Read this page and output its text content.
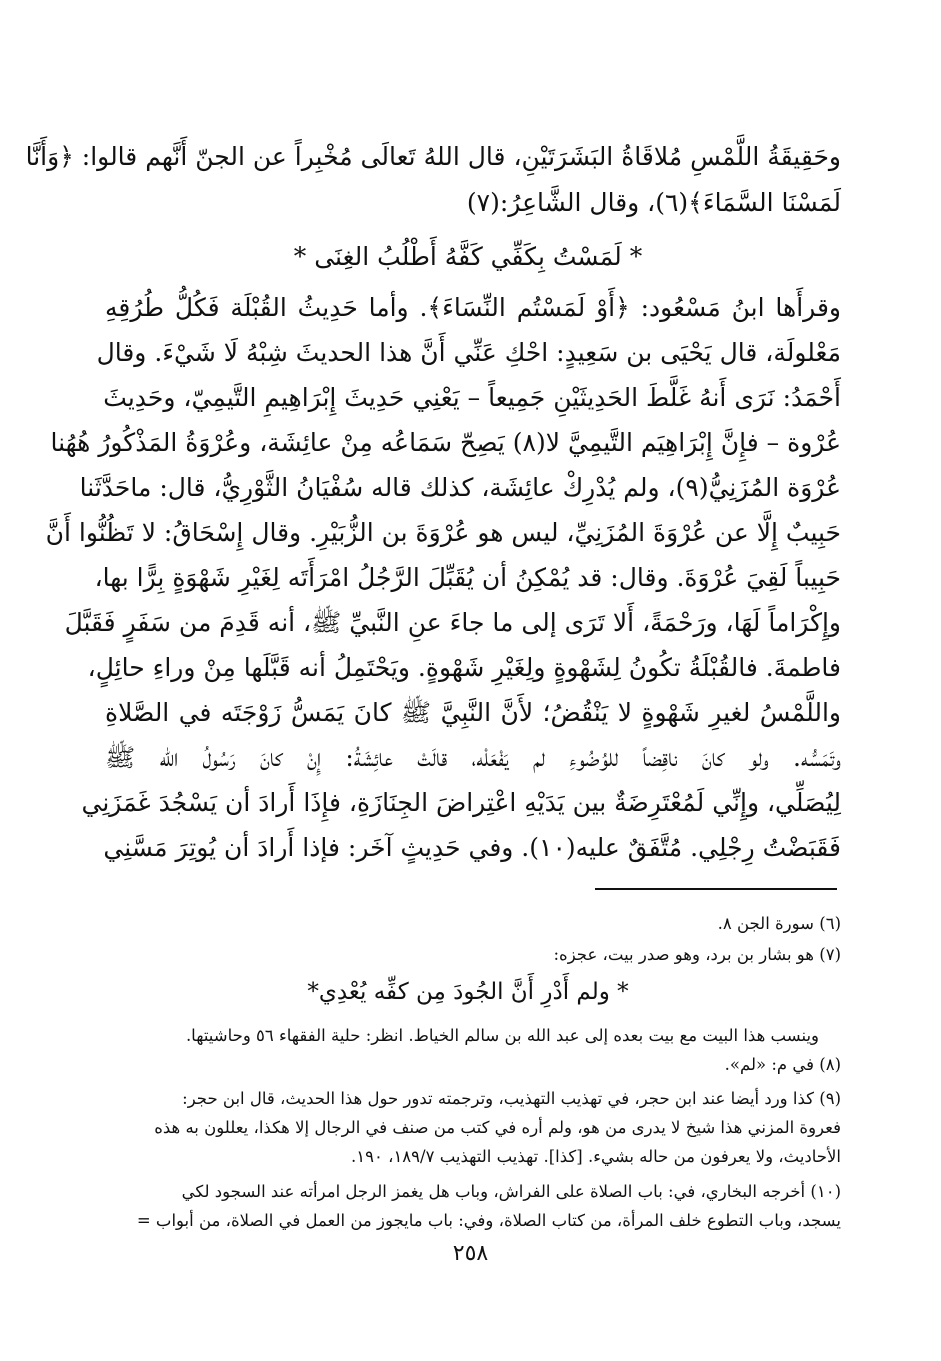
وحَقِيقَةُ اللَّمْسِ مُلاقَاةُ البَشَرَتَيْنِ، قال اللهُ تَعالَى مُخْبِراً عن الجنّ أَنَّهم قالوا: ﴿وَأَنَّا
لَمَسْنَا السَّمَاءَ﴾(٦)، وقال الشَّاعِرُ:(٧)
* لَمَسْتُ بِكَفِّي كَفَّهُ أَطْلُبُ الغِنَى *
وقرأَها ابنُ مَسْعُود: ﴿أَوْ لَمَسْتُم النِّسَاءَ﴾. وأما حَدِيثُ القُبْلَة فَكُلُّ طُرُقِهِ
مَعْلولَة، قال يَحْيَى بن سَعِيدٍ: احْكِ عَنِّي أَنَّ هذا الحديثَ شِبْهُ لَا شَيْءَ. وقال
أَحْمَدُ: نَرَى أَنهُ غَلَّطَ الحَدِيثَيْنِ جَمِيعاً – يَعْنِي حَدِيثَ إِبْرَاهِيمِ التَّيمِيّ، وحَدِيثَ
عُرْوة – فإِنَّ إِبْرَاهِيَم التَّيمِيَّ لا(٨) يَصِحّ سَمَاعُه مِنْ عائِشَة، وعُرْوَةُ المَذْكُورُ هُهُنا
عُرْوَة المُزَنِيُّ(٩)، ولم يُدْرِكْ عائِشَة، كذلك قاله سُفْيَانُ الثَّوْرِيُّ، قال: ماحَدَّثَنا
حَبِيبٌ إِلَّا عن عُرْوَةَ المُزَنِيِّ، ليس هو عُرْوَةَ بن الزُّبَيْرِ. وقال إِسْحَاقُ: لا تَظُنُّوا أَنَّ
حَبِيباً لَقِيَ عُرْوَةَ. وقال: قد يُمْكِنُ أن يُقَبِّلَ الرَّجُلُ امْرَأَتَه لِغَيْرِ شَهْوَةٍ بِرًّا بها،
وإِكْرَاماً لَهَا، ورَحْمَةً، أَلا تَرَى إلى ما جاءَ عنِ النَّبيِّ ﷺ، أنه قَدِمَ من سَفَرٍ فَقَبَّلَ
فاطمةَ. فالقُبْلَةُ تكُونُ لِشَهْوةٍ ولِغَيْرِ شَهْوةٍ. ويَحْتَمِلُ أنه قَبَّلَها مِنْ وراءِ حائِلٍ،
واللَّمْسُ لغيرِ شَهْوةٍ لا يَنْقُضُ؛ لأَنَّ النَّبِيَّ ﷺ كانَ يَمَسُّ زَوْجَتَه في الصَّلاةِ
وتَمَسُّه. ولو كانَ ناقِضاً للوُضُوءِ لم يَفْعَلْه، قالَتْ عائِشَةُ: إِنْ كانَ رَسُولُ الله ﷺ
لِيُصَلِّي، وإِنِّي لَمُعْتَرِضَةٌ بين يَدَيْهِ اعْتِراضَ الجِنَازَةِ، فإِذَا أَرادَ أن يَسْجُدَ غَمَزَنِي
فَقَبَضْتُ رِجْلِي. مُتَّفَقٌ عليه(١٠). وفي حَدِيثٍ آخَر: فإذا أَرادَ أن يُوتِرَ مَسَّنِي
(٦) سورة الجن ٨.
(٧) هو بشار بن برد، وهو صدر بيت، عجزه:
* ولم أَدْرِ أَنَّ الجُودَ مِن كفِّه يُعْدِي*
وينسب هذا البيت مع بيت بعده إلى عبد الله بن سالم الخياط. انظر: حلية الفقهاء ٥٦ وحاشيتها.
(٨) في م: «لم».
(٩) كذا ورد أيضا عند ابن حجر، في تهذيب التهذيب، وترجمته تدور حول هذا الحديث، قال ابن حجر:
فعروة المزني هذا شيخ لا يدرى من هو، ولم أره في كتب من صنف في الرجال إلا هكذا، يعللون به هذه
الأحاديث، ولا يعرفون من حاله بشيء. [كذا]. تهذيب التهذيب ١٨٩/٧، ١٩٠.
(١٠) أخرجه البخاري، في: باب الصلاة على الفراش، وباب هل يغمز الرجل امرأته عند السجود لكي
يسجد، وباب التطوع خلف المرأة، من كتاب الصلاة، وفي: باب مايجوز من العمل في الصلاة، من أبواب =
٢٥٨
